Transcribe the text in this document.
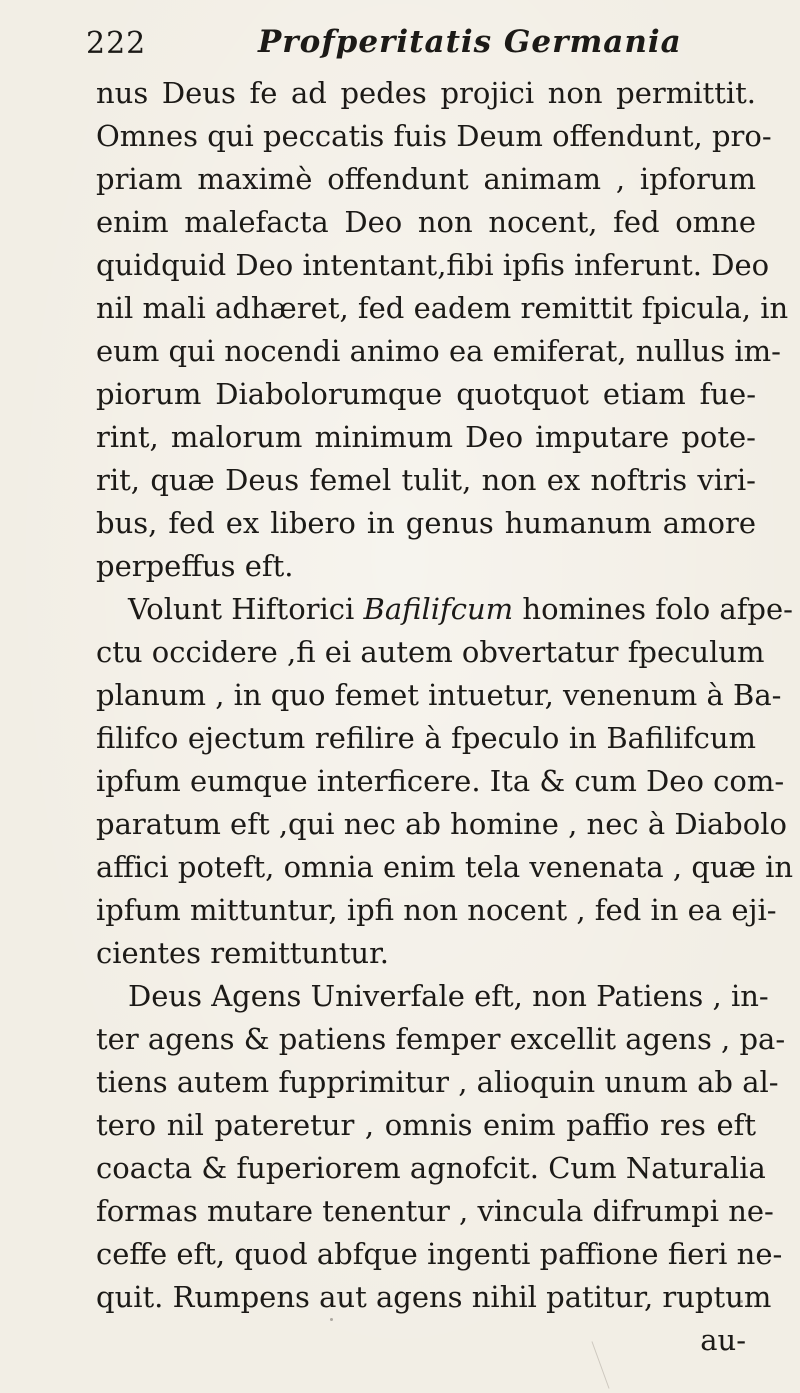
222	Profperitatis Germania
nus Deus fe ad pedes projici non permittit.
Omnes qui peccatis fuis Deum offendunt, pro-
priam maximè offendunt animam , ipforum
enim malefacta Deo non nocent, fed omne
quidquid Deo intentant,fibi ipfis inferunt. Deo
nil mali adhæret, fed eadem remittit fpicula, in
eum qui nocendi animo ea emiferat, nullus im-
piorum Diabolorumque quotquot etiam fue-
rint, malorum minimum Deo imputare pote-
rit, quæ Deus femel tulit, non ex noftris viri-
bus, fed ex libero in genus humanum amore
perpeffus eft.
Volunt Hiftorici Bafilifcum homines folo afpe-
ctu occidere ,fi ei autem obvertatur fpeculum
planum , in quo femet intuetur, venenum à Ba-
filifco ejectum refilire à fpeculo in Bafilifcum
ipfum eumque interficere. Ita & cum Deo com-
paratum eft ,qui nec ab homine , nec à Diabolo
affici poteft, omnia enim tela venenata , quæ in
ipfum mittuntur, ipfi non nocent , fed in ea eji-
cientes remittuntur.
Deus Agens Univerfale eft, non Patiens , in-
ter agens & patiens femper excellit agens , pa-
tiens autem fupprimitur , alioquin unum ab al-
tero nil pateretur , omnis enim paffio res eft
coacta & fuperiorem agnofcit. Cum Naturalia
formas mutare tenentur , vincula difrumpi ne-
ceffe eft, quod abfque ingenti paffione fieri ne-
quit. Rumpens aut agens nihil patitur, ruptum
au-
